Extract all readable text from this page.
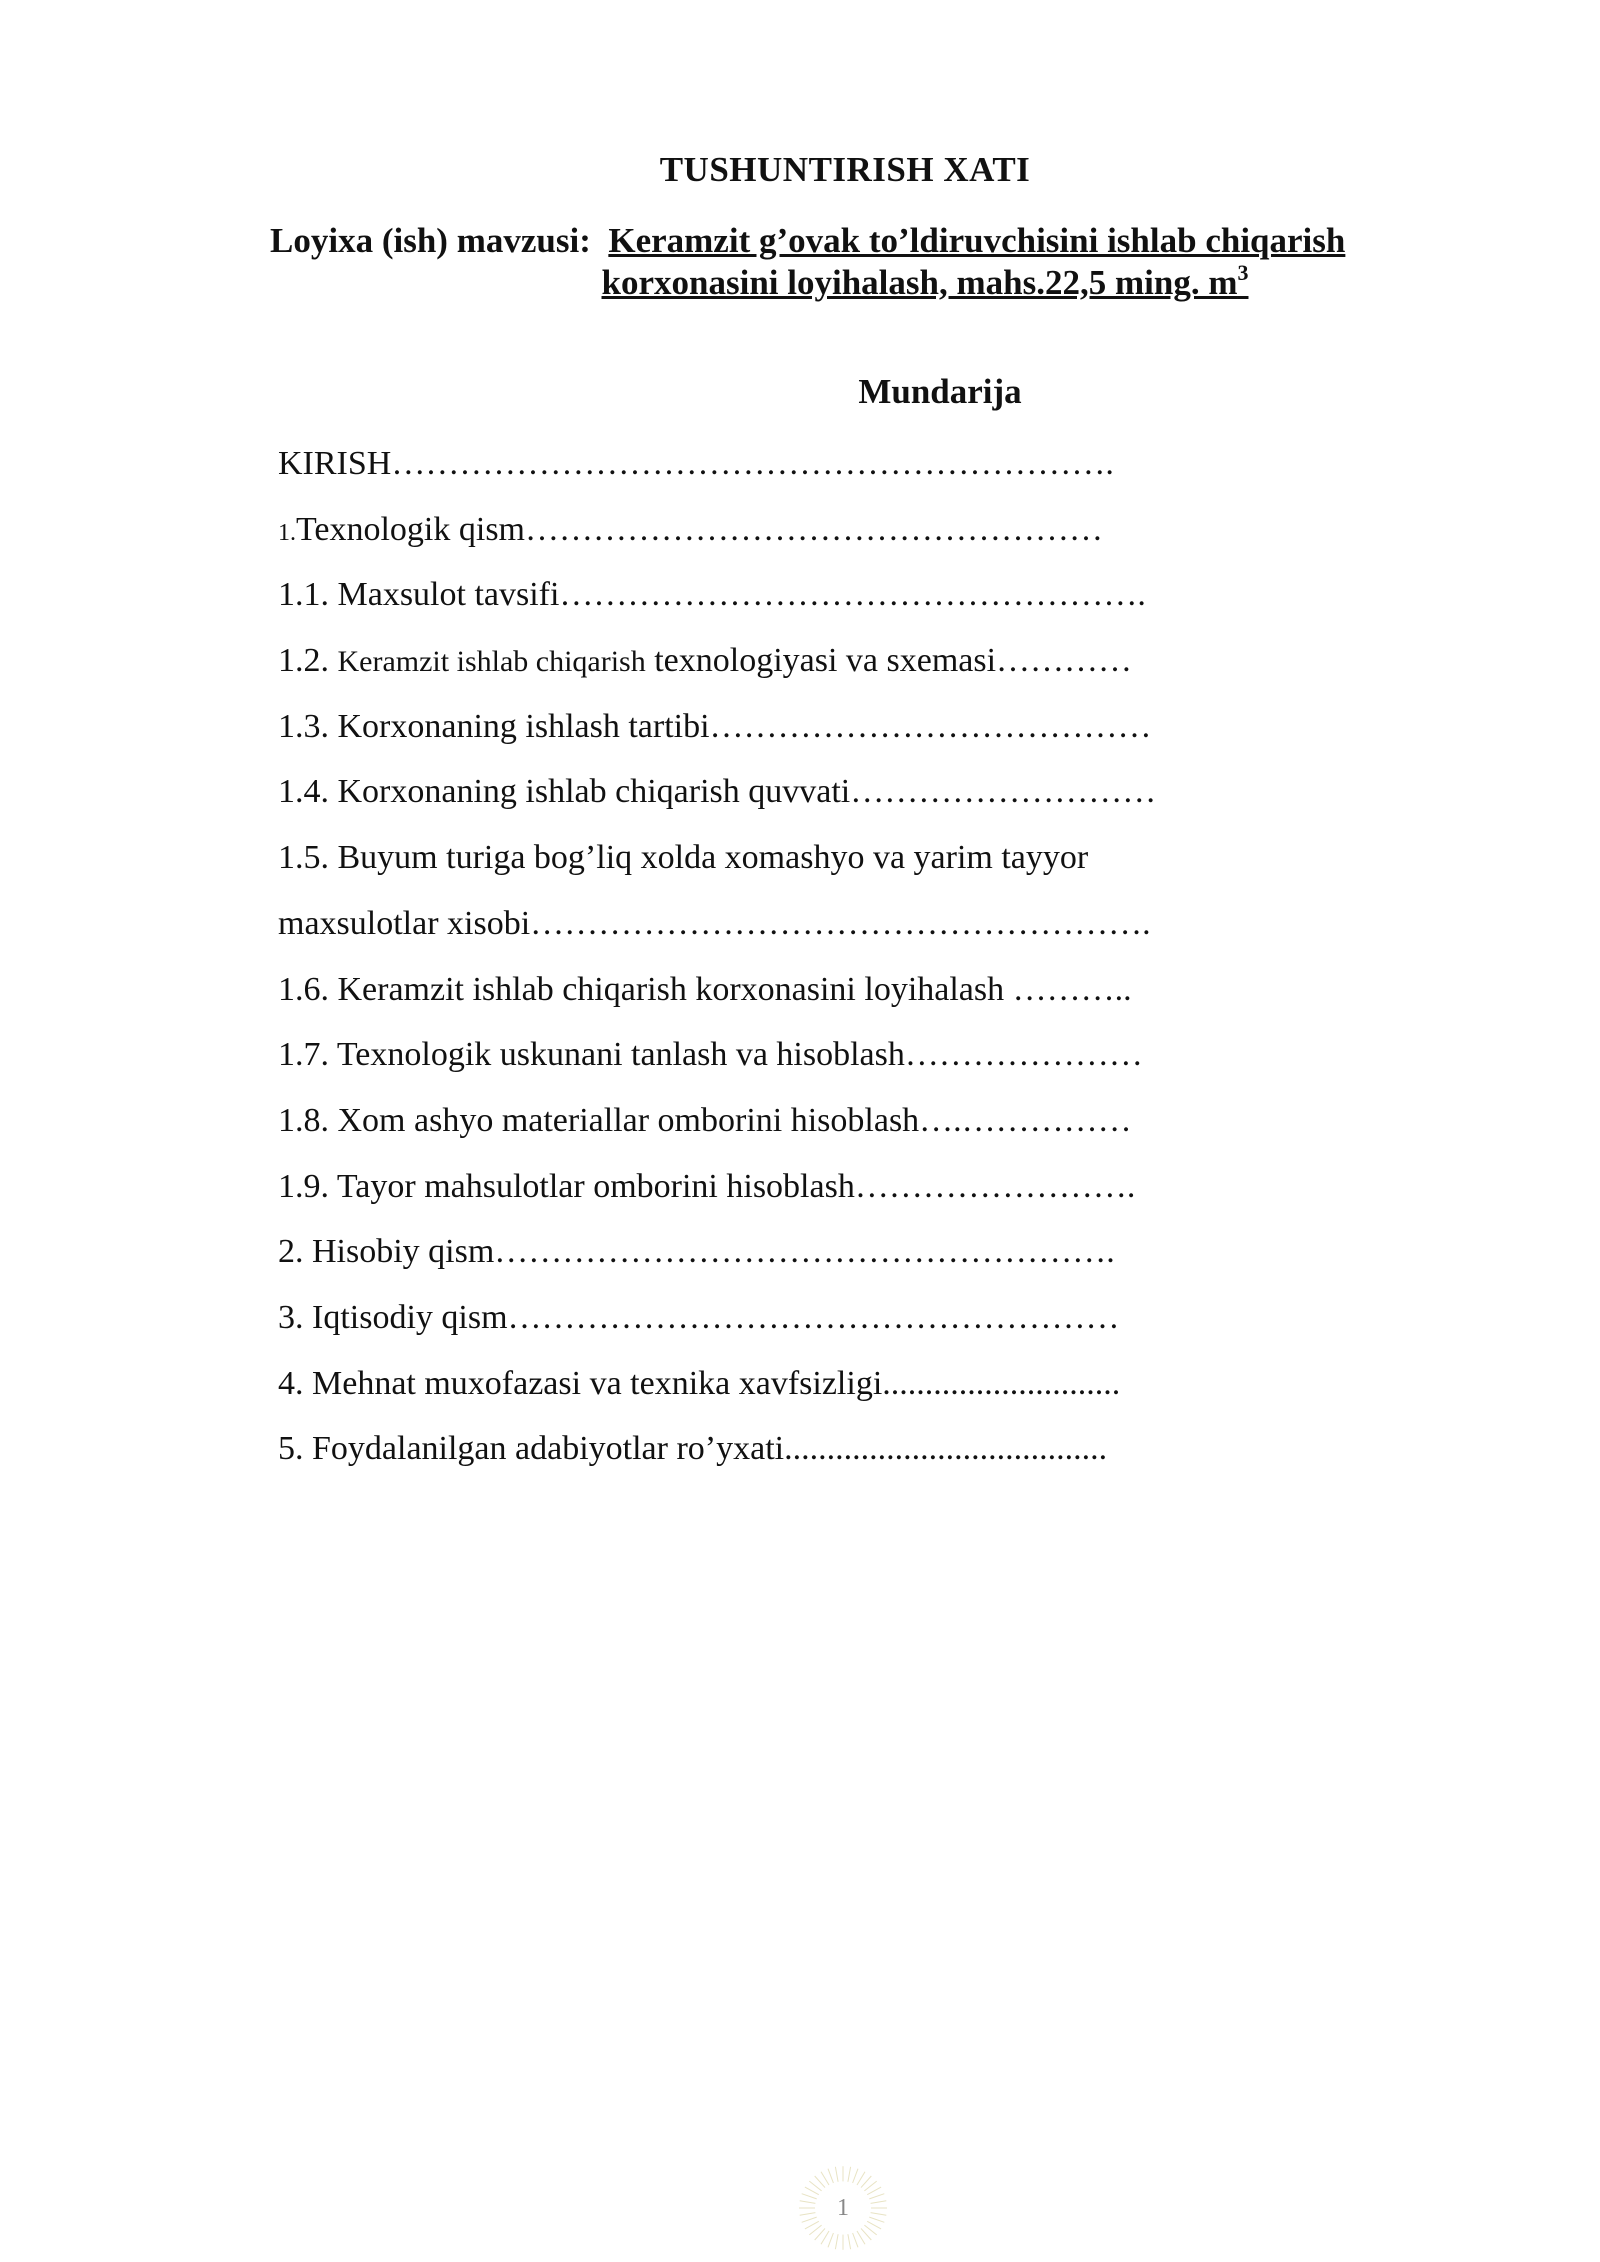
TUSHUNTIRISH XATI
Loyixa (ish) mavzusi: Keramzit g’ovak to’ldiruvchisini ishlab chiqarish
korxonasini loyihalash, mahs.22,5 ming. $m^3$
Mundarija
KIRISH……………………………………………………….
1.Texnologik qism……………………………………………
1.1. Maxsulot tavsifi…………………………………………….
1.2. Keramzit ishlab chiqarish texnologiyasi va sxemasi…………
1.3. Korxonaning ishlash tartibi…………………………………
1.4. Korxonaning ishlab chiqarish quvvati………………………
1.5. Buyum turiga bog’liq xolda xomashyo va yarim tayyor
maxsulotlar xisobi……………………………………………….
1.6. Keramzit ishlab chiqarish korxonasini loyihalash ………..
1.7. Texnologik uskunani tanlash va hisoblash…………………
1.8. Xom ashyo materiallar omborini hisoblash….……………
1.9. Tayor mahsulotlar omborini hisoblash…………………….
2. Hisobiy qism……………………………………………….
3. Iqtisodiy qism………………………………………………
4. Mehnat muxofazasi va texnika xavfsizligi............................
5. Foydalanilgan adabiyotlar ro’yxati......................................
1
